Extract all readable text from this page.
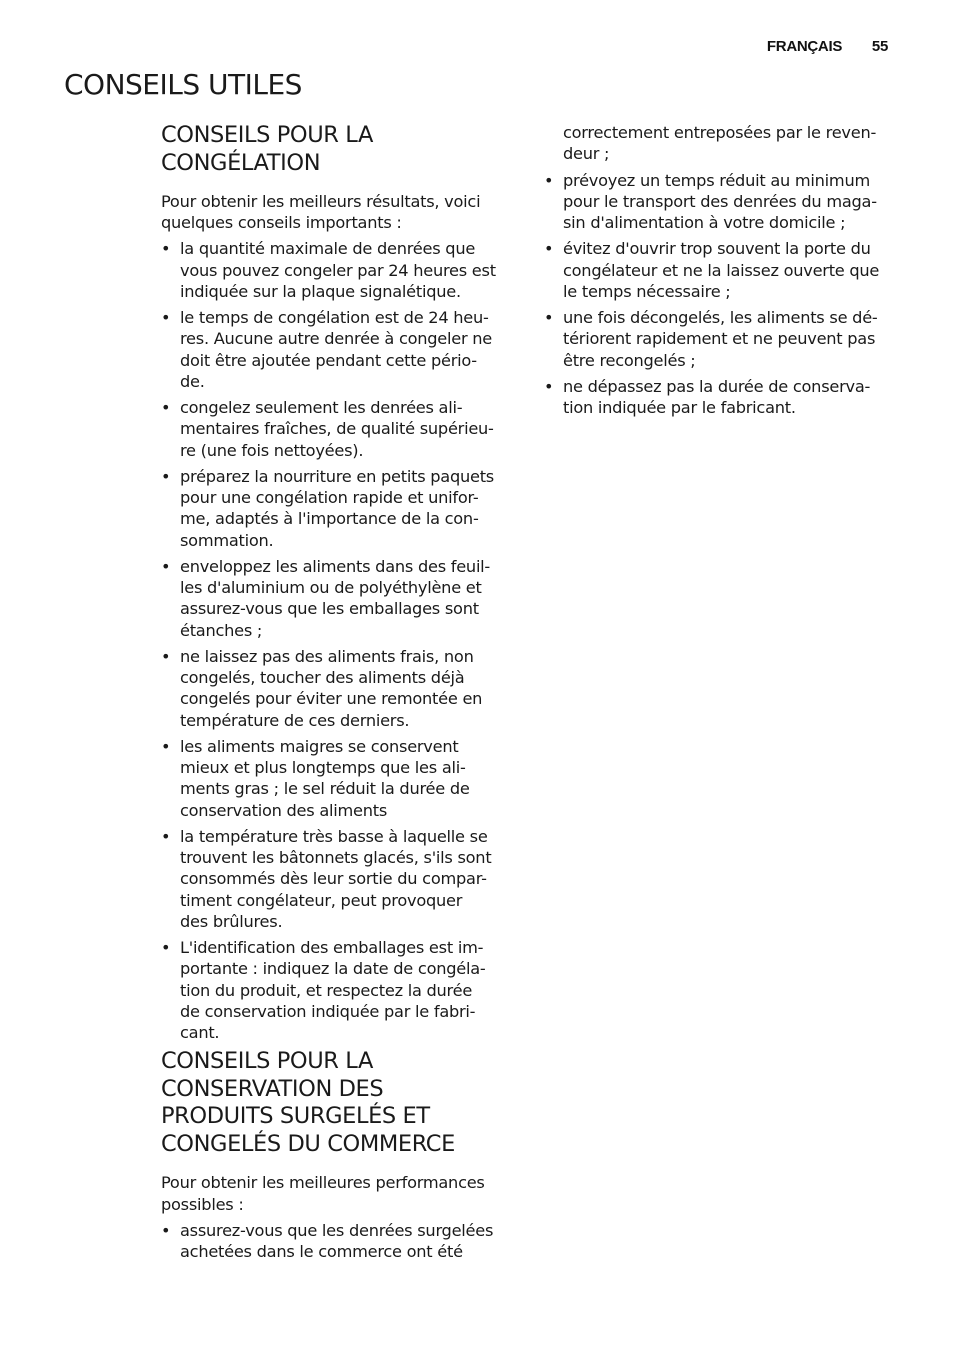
FRANÇAIS 55
CONSEILS UTILES
CONSEILS POUR LA
CONGÉLATION

Pour obtenir les meilleurs résultats, voici
quelques conseils importants :

• la quantité maximale de denrées que
vous pouvez congeler par 24 heures est
indiquée sur la plaque signalétique.
• le temps de congélation est de 24 heu-
res. Aucune autre denrée à congeler ne
doit être ajoutée pendant cette pério-
de.
• congelez seulement les denrées ali-
mentaires fraîches, de qualité supérieu-
re (une fois nettoyées).
• préparez la nourriture en petits paquets
pour une congélation rapide et unifor-
me, adaptés à l'importance de la con-
sommation.
• enveloppez les aliments dans des feuil-
les d'aluminium ou de polyéthylène et
assurez-vous que les emballages sont
étanches ;
• ne laissez pas des aliments frais, non
congelés, toucher des aliments déjà
congelés pour éviter une remontée en
température de ces derniers.
• les aliments maigres se conservent
mieux et plus longtemps que les ali-
ments gras ; le sel réduit la durée de
conservation des aliments
• la température très basse à laquelle se
trouvent les bâtonnets glacés, s'ils sont
consommés dès leur sortie du compar-
timent congélateur, peut provoquer
des brûlures.
• L'identification des emballages est im-
portante : indiquez la date de congéla-
tion du produit, et respectez la durée
de conservation indiquée par le fabri-
cant.
CONSEILS POUR LA
CONSERVATION DES
PRODUITS SURGELÉS ET
CONGELÉS DU COMMERCE

Pour obtenir les meilleures performances
possibles :

• assurez-vous que les denrées surgelées
achetées dans le commerce ont été
correctement entreposées par le reven-
deur ;
• prévoyez un temps réduit au minimum
pour le transport des denrées du maga-
sin d'alimentation à votre domicile ;
• évitez d'ouvrir trop souvent la porte du
congélateur et ne la laissez ouverte que
le temps nécessaire ;
• une fois décongelés, les aliments se dé-
tériorent rapidement et ne peuvent pas
être recongelés ;
• ne dépassez pas la durée de conserva-
tion indiquée par le fabricant.
